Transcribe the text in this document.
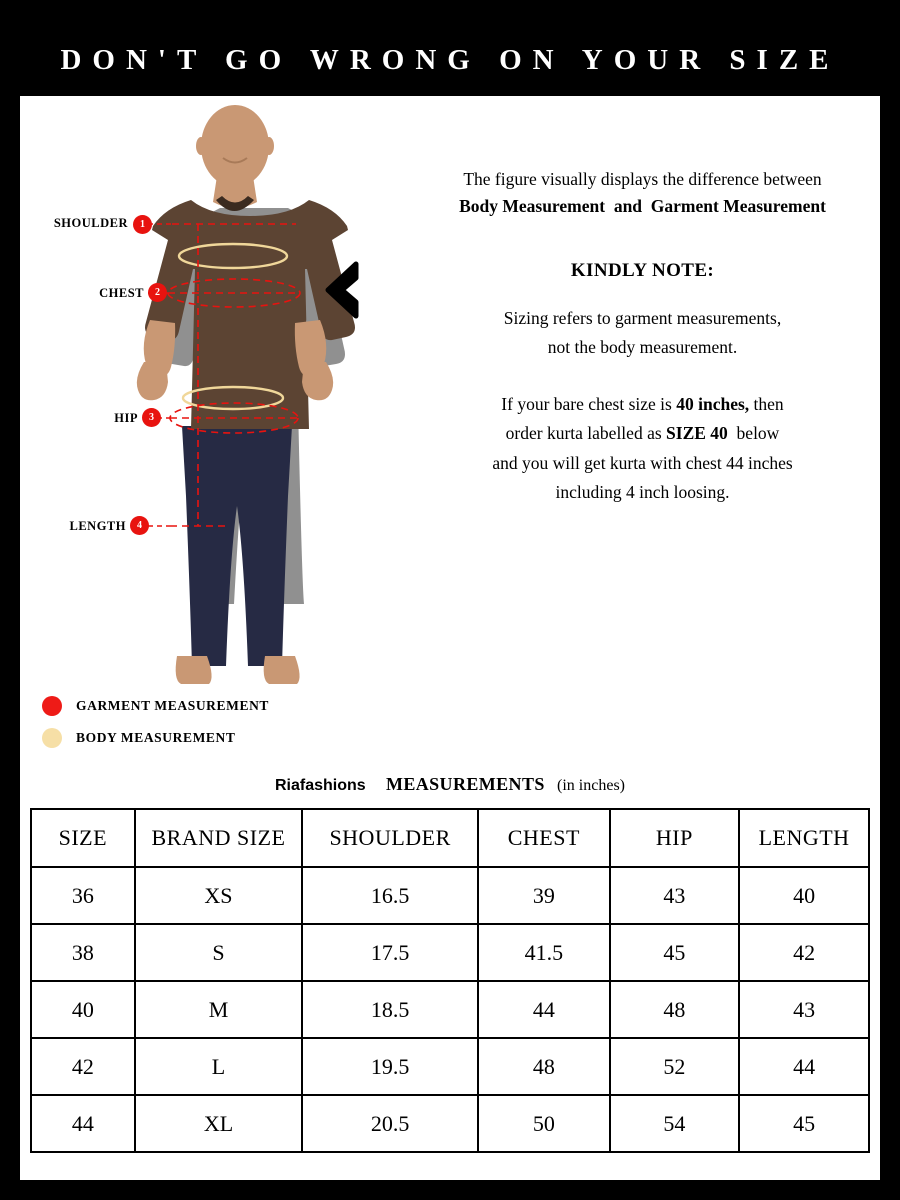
DON'T GO WRONG ON YOUR SIZE
SHOULDER	1
CHEST	2
HIP	3
LENGTH	4
The figure visually displays the difference between
Body Measurement and Garment Measurement
KINDLY NOTE:
Sizing refers to garment measurements,
not the body measurement.
If your bare chest size is 40 inches, then
order kurta labelled as SIZE 40 below
and you will get kurta with chest 44 inches
including 4 inch loosing.
GARMENT MEASUREMENT
BODY MEASUREMENT
Riafashions MEASUREMENTS (in inches)
SIZE	BRAND SIZE	SHOULDER	CHEST	HIP	LENGTH
36	XS	16.5	39	43	40
38	S	17.5	41.5	45	42
40	M	18.5	44	48	43
42	L	19.5	48	52	44
44	XL	20.5	50	54	45
